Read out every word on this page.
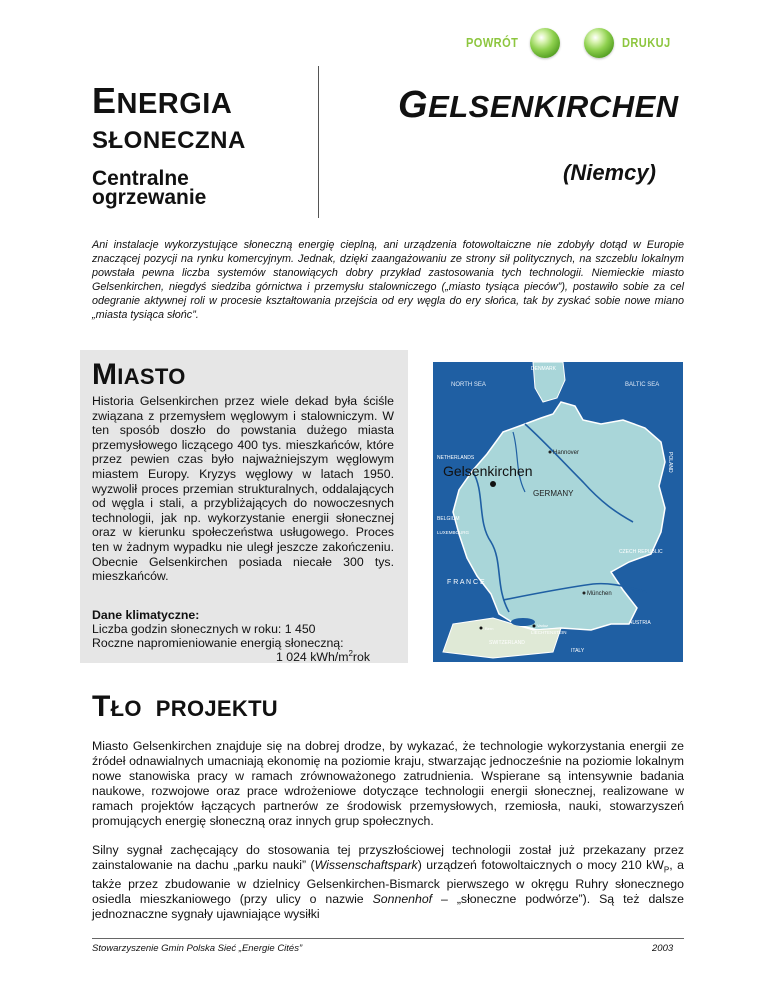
POWRÓT	DRUKUJ
ENERGIA
SŁONECZNA
Centralne
ogrzewanie
GELSENKIRCHEN
(Niemcy)
Ani instalacje wykorzystujące słoneczną energię cieplną, ani urządzenia fotowoltaiczne nie zdobyły dotąd w Europie znaczącej pozycji na rynku komercyjnym. Jednak, dzięki zaangażowaniu ze strony sił politycznych, na szczeblu lokalnym powstała pewna liczba systemów stanowiących dobry przykład zastosowania tych technologii. Niemieckie miasto Gelsenkirchen, niegdyś siedziba górnictwa i przemysłu stalowniczego („miasto tysiąca pieców”), postawiło sobie za cel odegranie aktywnej roli w procesie kształtowania przejścia od ery węgla do ery słońca, tak by zyskać sobie nowe miano „miasta tysiąca słońc”.
MIASTO
Historia Gelsenkirchen przez wiele dekad była ściśle związana z przemysłem węglowym i stalowniczym. W ten sposób doszło do powstania dużego miasta przemysłowego liczącego 400 tys. mieszkańców, które przez pewien czas było najważniejszym węglowym miastem Europy. Kryzys węglowy w latach 1950. wyzwolił proces przemian strukturalnych, oddalających od węgla i stali, a przybliżających do nowoczesnych technologii, jak np. wykorzystanie energii słonecznej oraz w kierunku społeczeństwa usługowego. Proces ten w żadnym wypadku nie uległ jeszcze zakończeniu. Obecnie Gelsenkirchen posiada niecałe 300 tys. mieszkańców.
Dane klimatyczne:
Liczba godzin słonecznych w roku: 1 450
Roczne napromieniowanie energią słoneczną:
1 024 kWh/$m^2rok$
NORTH SEA	BALTIC SEA
DENMARK
NETHERLANDS
BELGIUM
LUXEMBOURG
F R A N C E
POLAND
CZECH REPUBLIC
AUSTRIA
SWITZERLAND
LIECHTENSTEIN
ITALY
GERMANY
Hannover
München
Gelsenkirchen
Bern
Vaduz
TŁO PROJEKTU
Miasto Gelsenkirchen znajduje się na dobrej drodze, by wykazać, że technologie wykorzystania energii ze źródeł odnawialnych umacniają ekonomię na poziomie kraju, stwarzając jednocześnie na poziomie lokalnym nowe stanowiska pracy w ramach zrównoważonego zatrudnienia. Wspierane są intensywnie badania naukowe, rozwojowe oraz prace wdrożeniowe dotyczące technologii energii słonecznej, realizowane w ramach projektów łączących partnerów ze środowisk przemysłowych, rzemiosła, nauki, stowarzyszeń promujących energię słoneczną oraz innych grup społecznych.
Silny sygnał zachęcający do stosowania tej przyszłościowej technologii został już przekazany przez zainstalowanie na dachu „parku nauki” (Wissenschaftspark) urządzeń fotowoltaicznych o mocy 210 $kW_P$, a także przez zbudowanie w dzielnicy Gelsenkirchen-Bismarck pierwszego w okręgu Ruhry słonecznego osiedla mieszkaniowego (przy ulicy o nazwie Sonnenhof – „słoneczne podwórze”). Są też dalsze jednoznaczne sygnały ujawniające wysiłki
Stowarzyszenie Gmin Polska Sieć „Energie Cités”	2003
